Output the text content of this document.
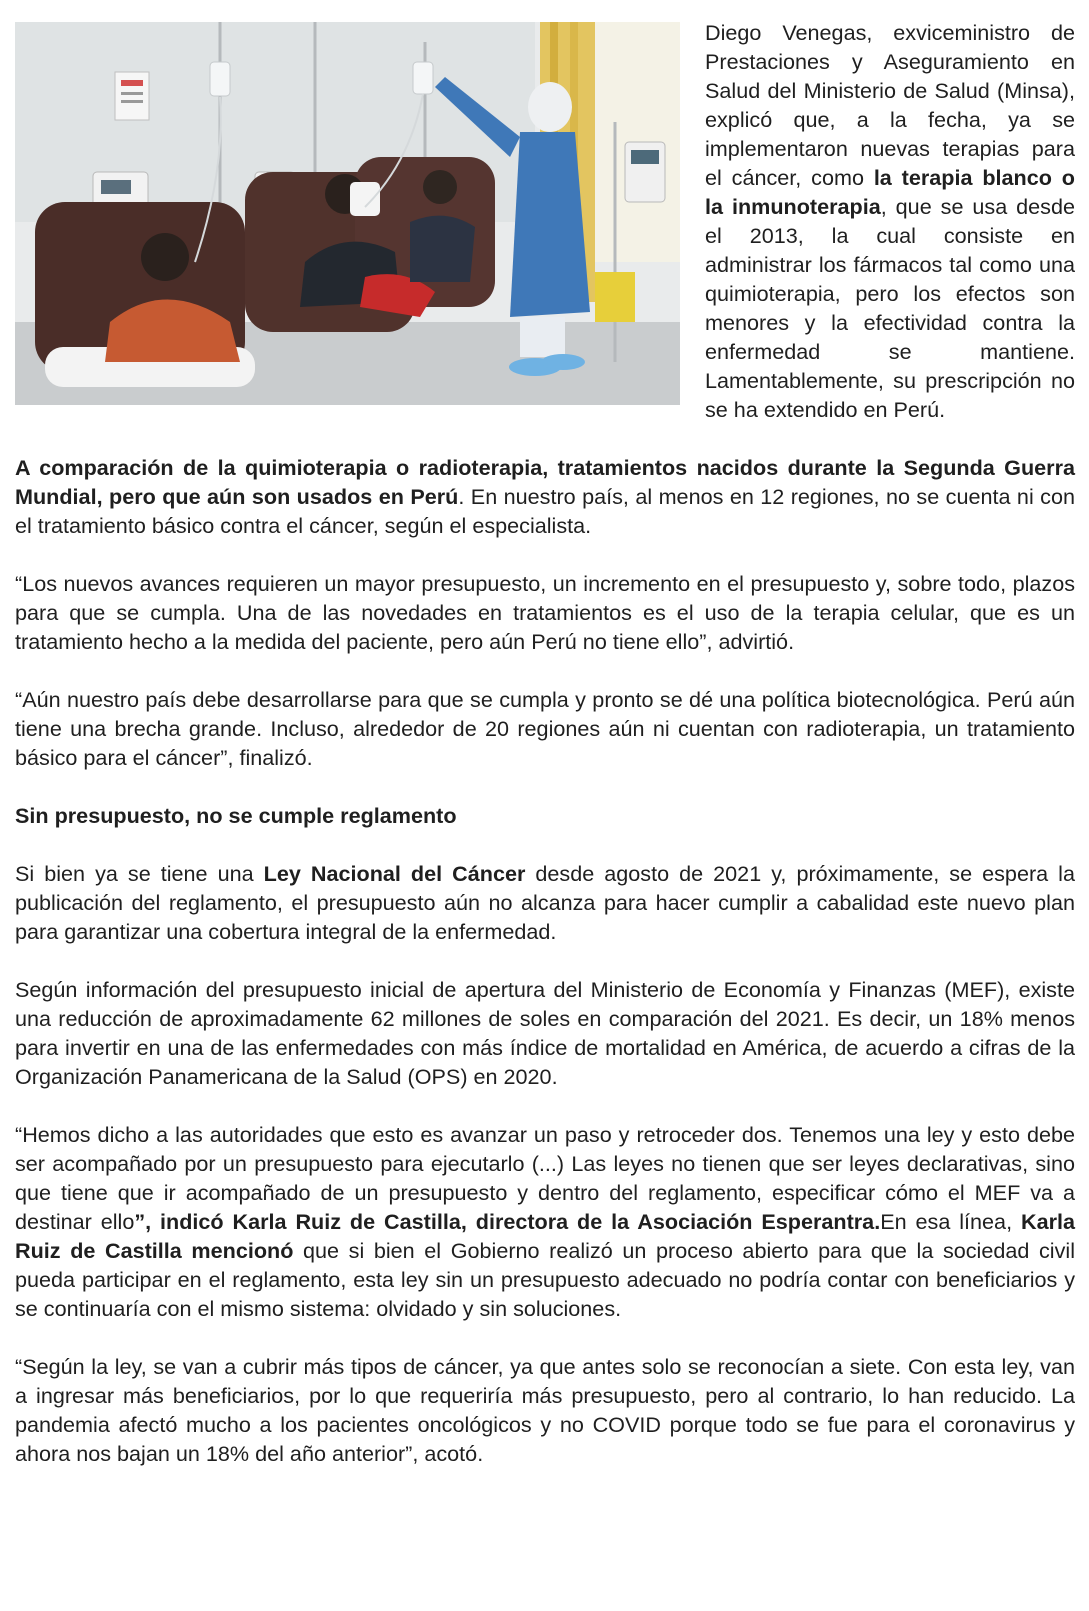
Diego Venegas, exviceministro de Prestaciones y Aseguramiento en Salud del Ministerio de Salud (Minsa), explicó que, a la fecha, ya se implementaron nuevas terapias para el cáncer, como la terapia blanco o la inmunoterapia, que se usa desde el 2013, la cual consiste en administrar los fármacos tal como una quimioterapia, pero los efectos son menores y la efectividad contra la enfermedad se mantiene. Lamentablemente, su prescripción no se ha extendido en Perú.

A comparación de la quimioterapia o radioterapia, tratamientos nacidos durante la Segunda Guerra Mundial, pero que aún son usados en Perú. En nuestro país, al menos en 12 regiones, no se cuenta ni con el tratamiento básico contra el cáncer, según el especialista.

“Los nuevos avances requieren un mayor presupuesto, un incremento en el presupuesto y, sobre todo, plazos para que se cumpla. Una de las novedades en tratamientos es el uso de la terapia celular, que es un tratamiento hecho a la medida del paciente, pero aún Perú no tiene ello”, advirtió.

“Aún nuestro país debe desarrollarse para que se cumpla y pronto se dé una política biotecnológica. Perú aún tiene una brecha grande. Incluso, alrededor de 20 regiones aún ni cuentan con radioterapia, un tratamiento básico para el cáncer”, finalizó.

Sin presupuesto, no se cumple reglamento

Si bien ya se tiene una Ley Nacional del Cáncer desde agosto de 2021 y, próximamente, se espera la publicación del reglamento, el presupuesto aún no alcanza para hacer cumplir a cabalidad este nuevo plan para garantizar una cobertura integral de la enfermedad.

Según información del presupuesto inicial de apertura del Ministerio de Economía y Finanzas (MEF), existe una reducción de aproximadamente 62 millones de soles en comparación del 2021. Es decir, un 18% menos para invertir en una de las enfermedades con más índice de mortalidad en América, de acuerdo a cifras de la Organización Panamericana de la Salud (OPS) en 2020.

“Hemos dicho a las autoridades que esto es avanzar un paso y retroceder dos. Tenemos una ley y esto debe ser acompañado por un presupuesto para ejecutarlo (...) Las leyes no tienen que ser leyes declarativas, sino que tiene que ir acompañado de un presupuesto y dentro del reglamento, especificar cómo el MEF va a destinar ello”, indicó Karla Ruiz de Castilla, directora de la Asociación Esperantra.En esa línea, Karla Ruiz de Castilla mencionó que si bien el Gobierno realizó un proceso abierto para que la sociedad civil pueda participar en el reglamento, esta ley sin un presupuesto adecuado no podría contar con beneficiarios y se continuaría con el mismo sistema: olvidado y sin soluciones.

“Según la ley, se van a cubrir más tipos de cáncer, ya que antes solo se reconocían a siete. Con esta ley, van a ingresar más beneficiarios, por lo que requeriría más presupuesto, pero al contrario, lo han reducido. La pandemia afectó mucho a los pacientes oncológicos y no COVID porque todo se fue para el coronavirus y ahora nos bajan un 18% del año anterior”, acotó.
